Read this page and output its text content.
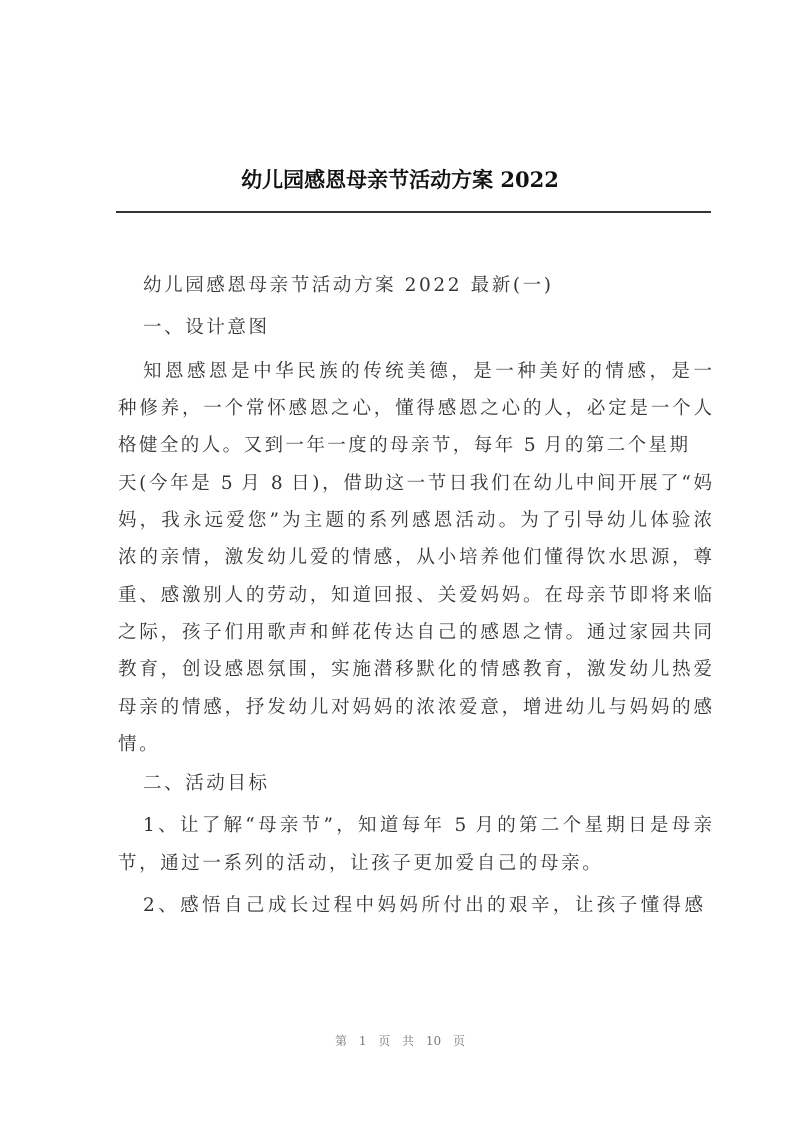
幼儿园感恩母亲节活动方案 2022
幼儿园感恩母亲节活动方案 2022 最新(一)
一、设计意图
知恩感恩是中华民族的传统美德，是一种美好的情感，是一
种修养，一个常怀感恩之心，懂得感恩之心的人，必定是一个人
格健全的人。又到一年一度的母亲节，每年 5 月的第二个星期
天(今年是 5 月 8 日)，借助这一节日我们在幼儿中间开展了“妈
妈，我永远爱您”为主题的系列感恩活动。为了引导幼儿体验浓
浓的亲情，激发幼儿爱的情感，从小培养他们懂得饮水思源，尊
重、感激别人的劳动，知道回报、关爱妈妈。在母亲节即将来临
之际，孩子们用歌声和鲜花传达自己的感恩之情。通过家园共同
教育，创设感恩氛围，实施潜移默化的情感教育，激发幼儿热爱
母亲的情感，抒发幼儿对妈妈的浓浓爱意，增进幼儿与妈妈的感
情。
二、活动目标
1、让了解“母亲节”，知道每年 5 月的第二个星期日是母亲
节，通过一系列的活动，让孩子更加爱自己的母亲。
2、感悟自己成长过程中妈妈所付出的艰辛，让孩子懂得感
第 1 页 共 10 页
